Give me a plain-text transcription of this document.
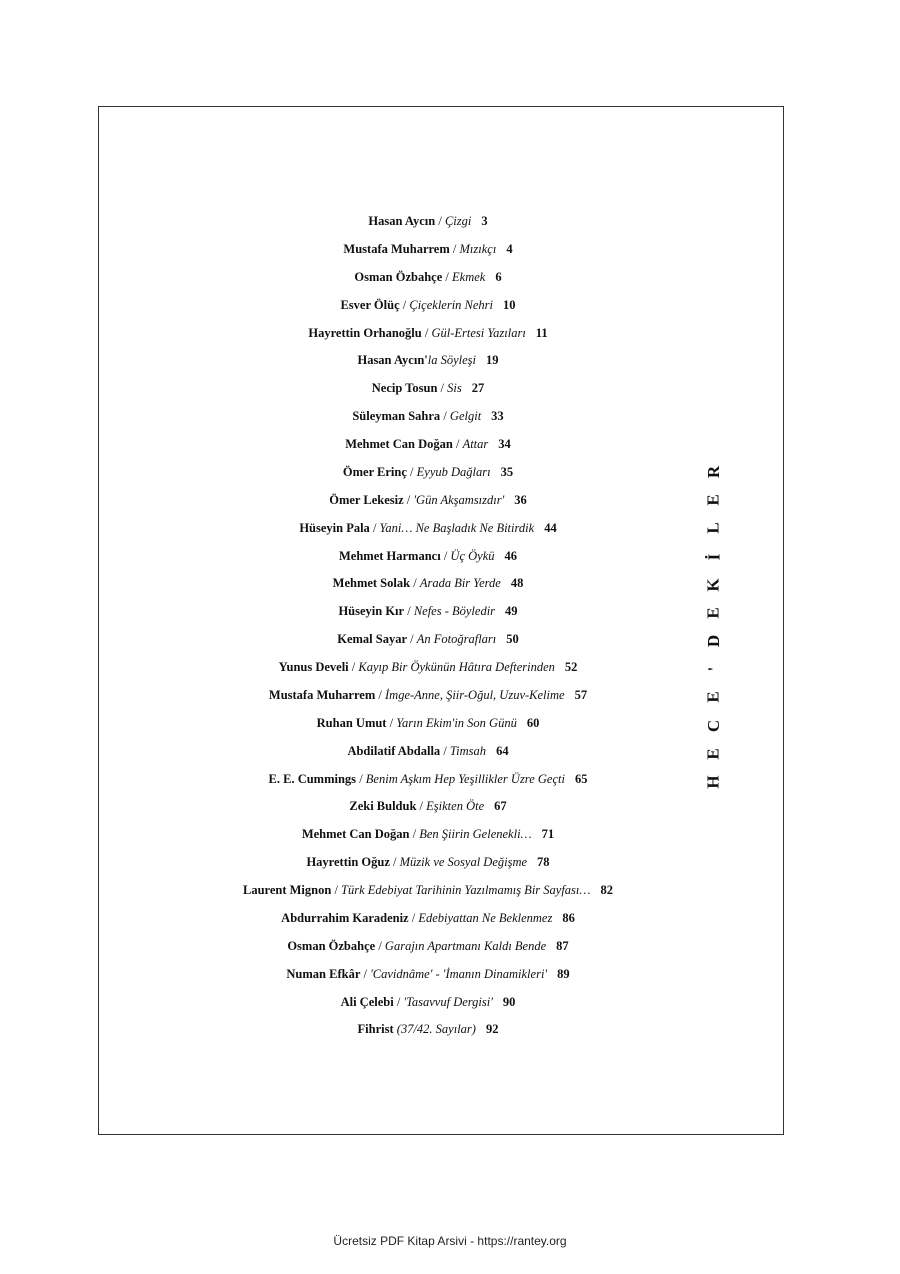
Hasan Aycın / Çizgi 3
Mustafa Muharrem / Mızıkçı 4
Osman Özbahçe / Ekmek 6
Esver Ölüç / Çiçeklerin Nehri 10
Hayrettin Orhanoğlu / Gül-Ertesi Yazıları 11
Hasan Aycın'la Söyleşi 19
Necip Tosun / Sis 27
Süleyman Sahra / Gelgit 33
Mehmet Can Doğan / Attar 34
Ömer Erinç / Eyyub Dağları 35
Ömer Lekesiz / 'Gün Akşamsızdır' 36
Hüseyin Pala / Yani… Ne Başladık Ne Bitirdik 44
Mehmet Harmancı / Üç Öykü 46
Mehmet Solak / Arada Bir Yerde 48
Hüseyin Kır / Nefes - Böyledir 49
Kemal Sayar / An Fotoğrafları 50
Yunus Develi / Kayıp Bir Öykünün Hâtıra Defterinden 52
Mustafa Muharrem / İmge-Anne, Şiir-Oğul, Uzuv-Kelime 57
Ruhan Umut / Yarın Ekim'in Son Günü 60
Abdilatif Abdalla / Timsah 64
E. E. Cummings / Benim Aşkım Hep Yeşillikler Üzre Geçti 65
Zeki Bulduk / Eşikten Öte 67
Mehmet Can Doğan / Ben Şiirin Gelenekli… 71
Hayrettin Oğuz / Müzik ve Sosyal Değişme 78
Laurent Mignon / Türk Edebiyat Tarihinin Yazılmamış Bir Sayfası… 82
Abdurrahim Karadeniz / Edebiyattan Ne Beklenmez 86
Osman Özbahçe / Garajın Apartmanı Kaldı Bende 87
Numan Efkâr / 'Cavidnâme' - 'İmanın Dinamikleri' 89
Ali Çelebi / 'Tasavvuf Dergisi' 90
Fihrist (37/42. Sayılar) 92
R
E
L
İ
K
E
D
'
E
C
E
H
Ücretsiz PDF Kitap Arsivi - https://rantey.org
